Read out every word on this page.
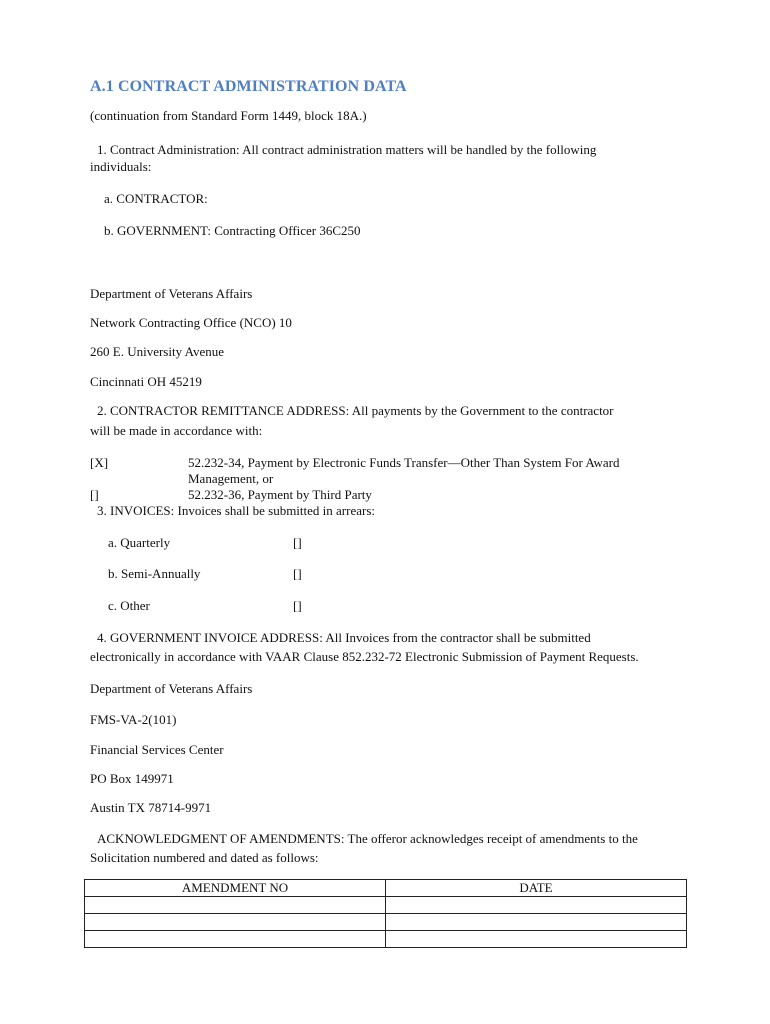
A.1 CONTRACT ADMINISTRATION DATA
(continuation from Standard Form 1449, block 18A.)
1. Contract Administration: All contract administration matters will be handled by the following
individuals:
a. CONTRACTOR:
b. GOVERNMENT: Contracting Officer 36C250
Department of Veterans Affairs
Network Contracting Office (NCO) 10
260 E. University Avenue
Cincinnati OH 45219
2. CONTRACTOR REMITTANCE ADDRESS: All payments by the Government to the contractor
will be made in accordance with:
[X]	52.232-34, Payment by Electronic Funds Transfer—Other Than System For Award
Management, or
[]	52.232-36, Payment by Third Party
3. INVOICES: Invoices shall be submitted in arrears:
a. Quarterly	[]
b. Semi-Annually	[]
c. Other	[]
4. GOVERNMENT INVOICE ADDRESS: All Invoices from the contractor shall be submitted
electronically in accordance with VAAR Clause 852.232-72 Electronic Submission of Payment Requests.
Department of Veterans Affairs
FMS-VA-2(101)
Financial Services Center
PO Box 149971
Austin TX 78714-9971
ACKNOWLEDGMENT OF AMENDMENTS: The offeror acknowledges receipt of amendments to the
Solicitation numbered and dated as follows:
AMENDMENT NO	DATE
